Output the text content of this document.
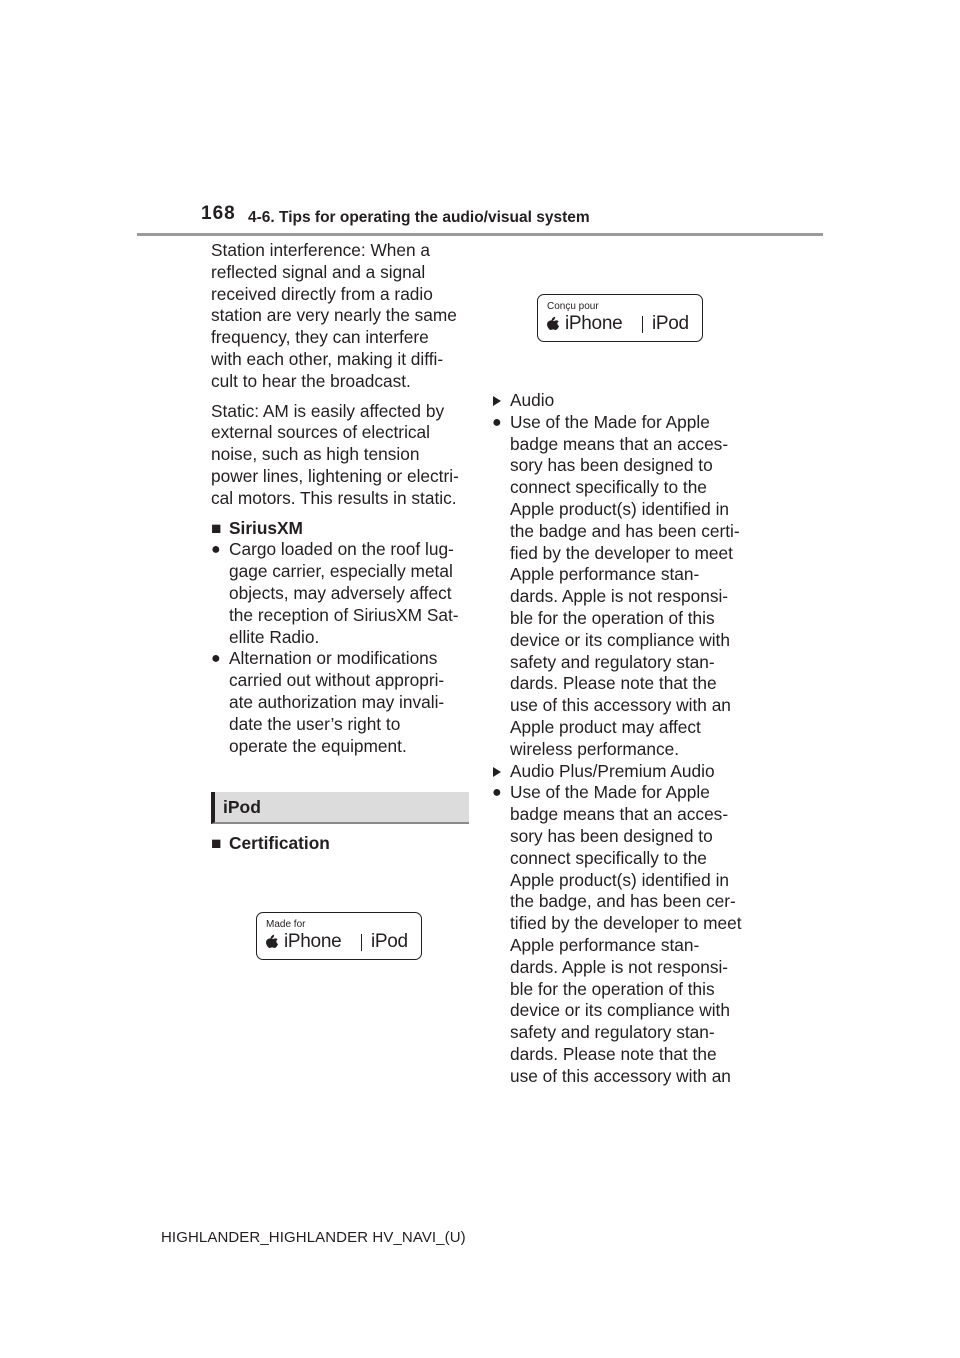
168 4-6. Tips for operating the audio/visual system

Station interference: When a
reflected signal and a signal
received directly from a radio
station are very nearly the same
frequency, they can interfere
with each other, making it diffi-
cult to hear the broadcast.

Static: AM is easily affected by
external sources of electrical
noise, such as high tension
power lines, lightening or electri-
cal motors. This results in static.

■ SiriusXM

● Cargo loaded on the roof lug-
gage carrier, especially metal
objects, may adversely affect
the reception of SiriusXM Sat-
ellite Radio.

● Alternation or modifications
carried out without appropri-
ate authorization may invali-
date the user’s right to
operate the equipment.

iPod
■ Certification
Made for
iPhone iPod
Conçu pour
iPhone iPod

Audio

● Use of the Made for Apple
badge means that an acces-
sory has been designed to
connect specifically to the
Apple product(s) identified in
the badge and has been certi-
fied by the developer to meet
Apple performance stan-
dards. Apple is not responsi-
ble for the operation of this
device or its compliance with
safety and regulatory stan-
dards. Please note that the
use of this accessory with an
Apple product may affect
wireless performance.

Audio Plus/Premium Audio

● Use of the Made for Apple
badge means that an acces-
sory has been designed to
connect specifically to the
Apple product(s) identified in
the badge, and has been cer-
tified by the developer to meet
Apple performance stan-
dards. Apple is not responsi-
ble for the operation of this
device or its compliance with
safety and regulatory stan-
dards. Please note that the
use of this accessory with an

HIGHLANDER_HIGHLANDER HV_NAVI_(U)
